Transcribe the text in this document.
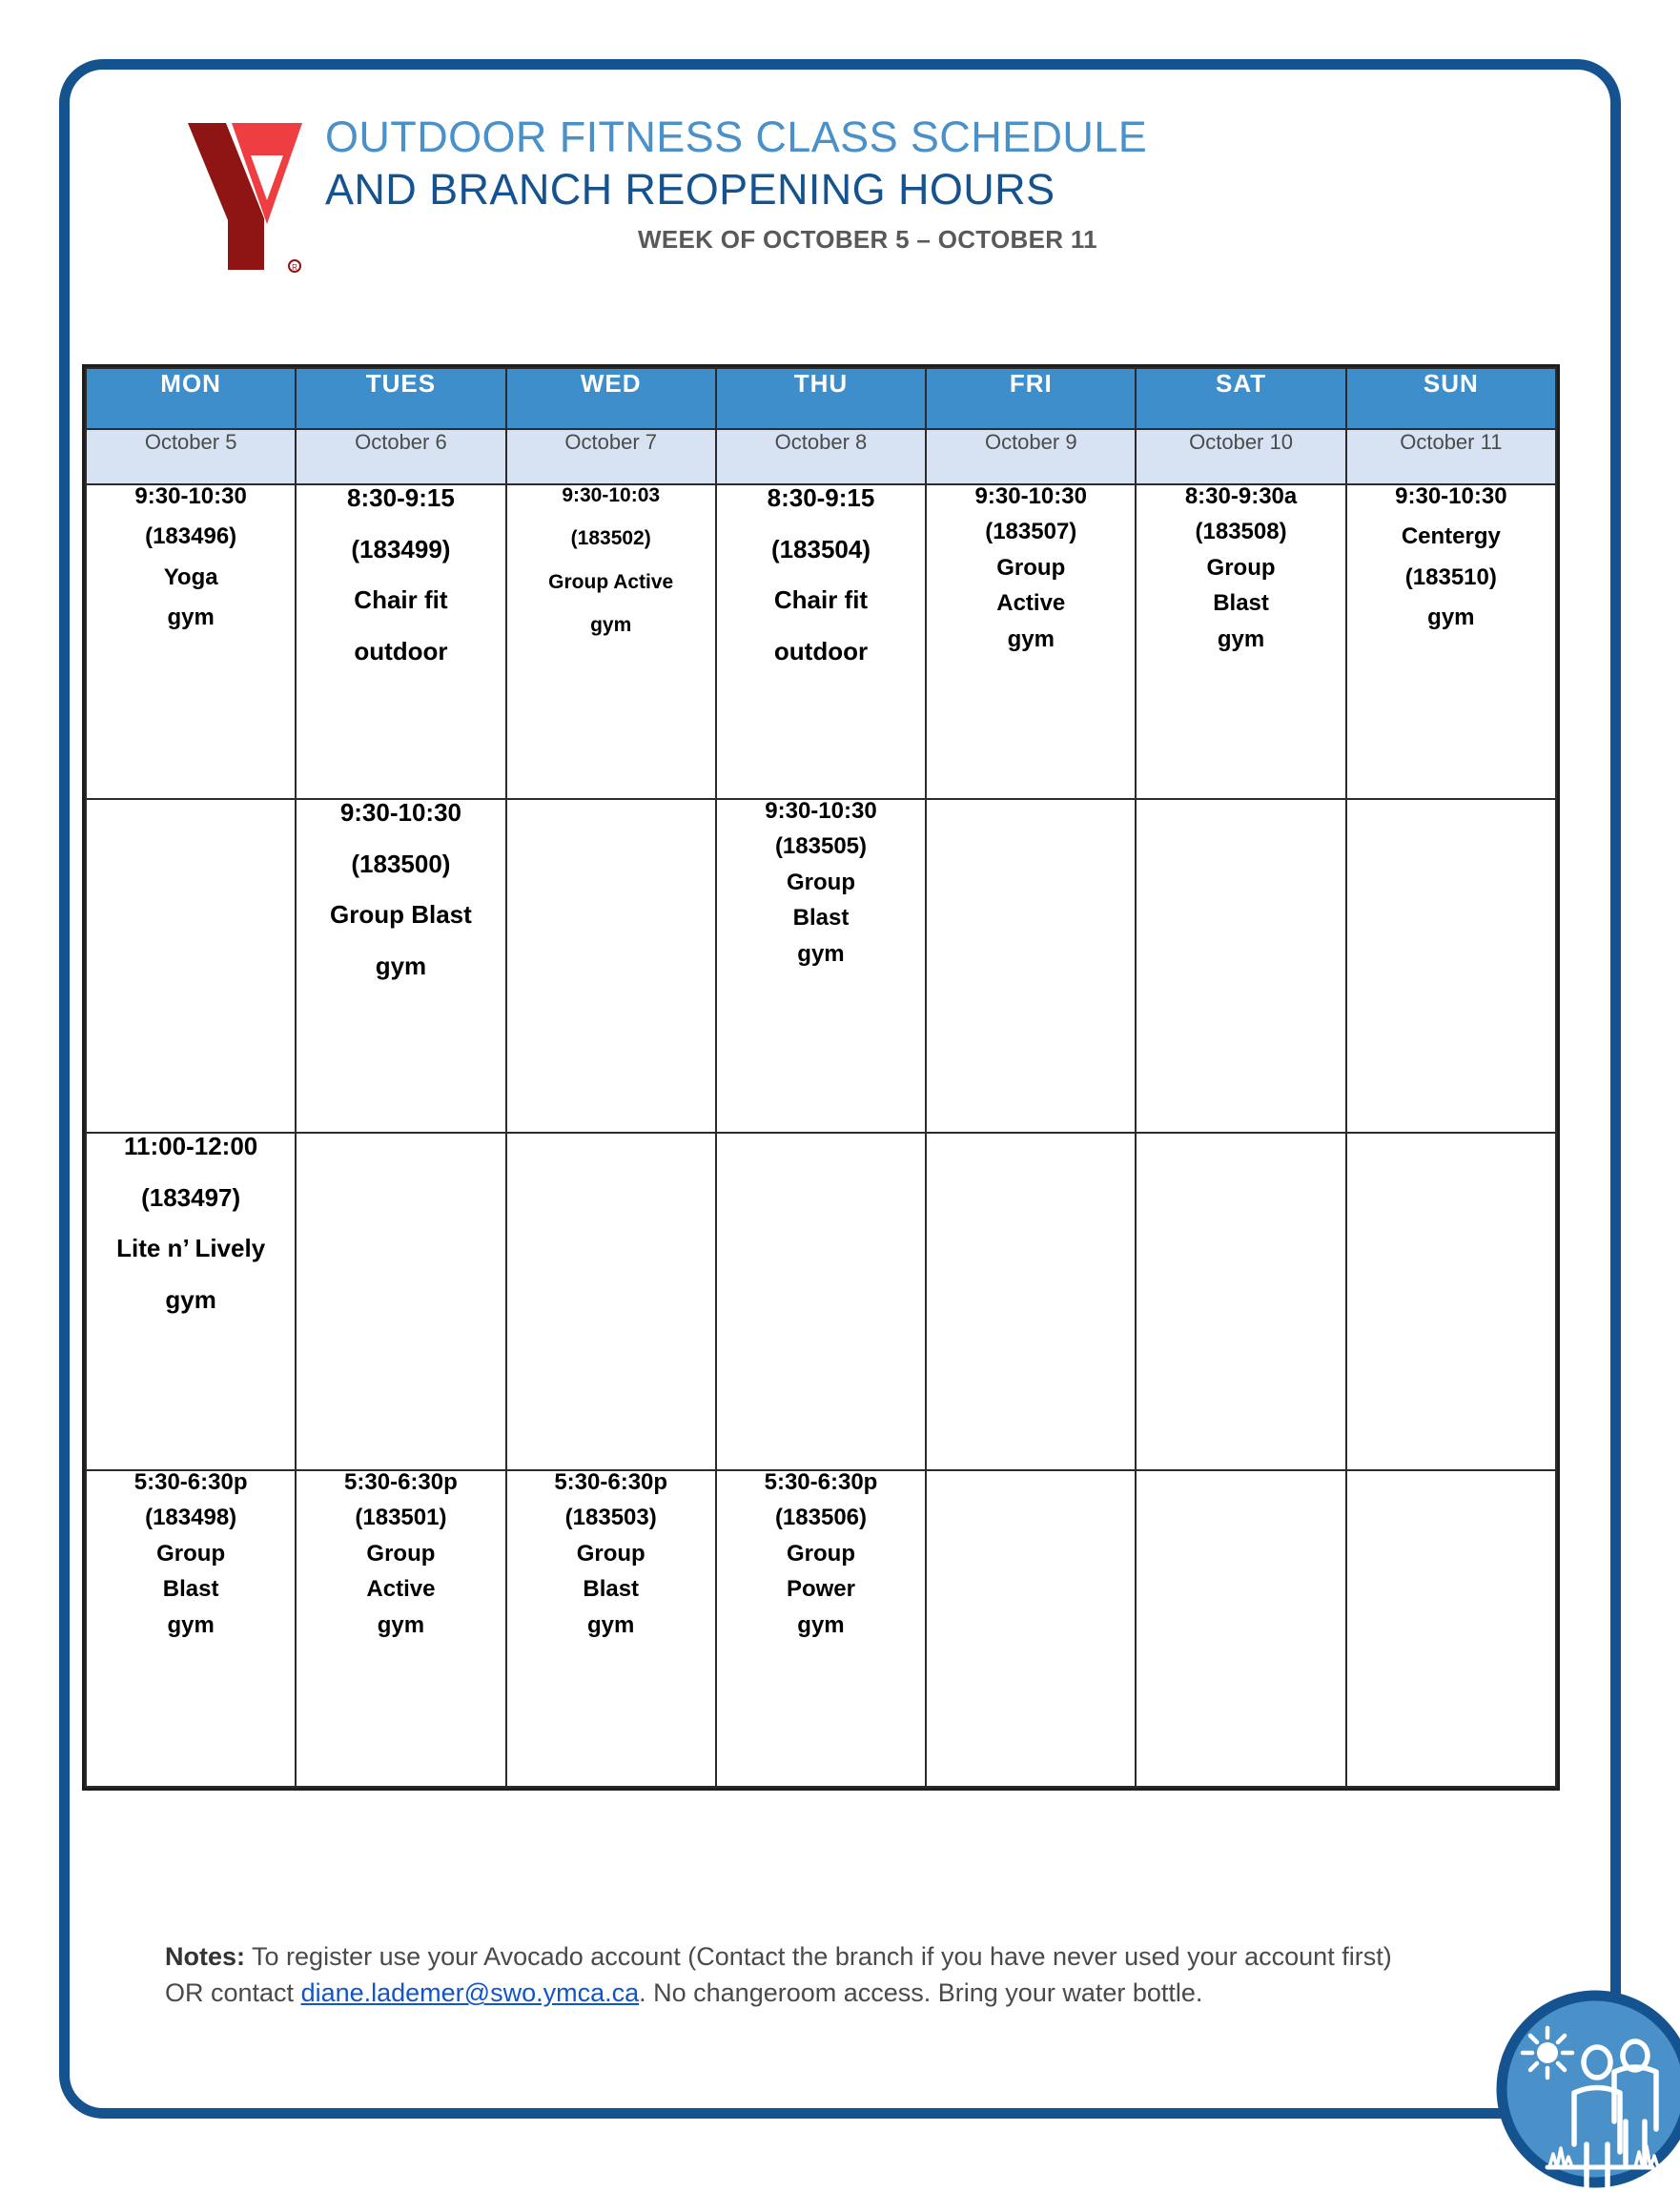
R
OUTDOOR FITNESS CLASS SCHEDULE
AND BRANCH REOPENING HOURS
WEEK OF OCTOBER 5 – OCTOBER 11
MON	TUES	WED	THU	FRI	SAT	SUN
October 5	October 6	October 7	October 8	October 9	October 10	October 11

9:30-10:30
(183496)
Yoga
gym	8:30-9:15
(183499)
Chair fit
outdoor	9:30-10:03
(183502)
Group Active
gym	8:30-9:15
(183504)
Chair fit
outdoor	9:30-10:30
(183507)
Group
Active
gym	8:30-9:30a
(183508)
Group
Blast
gym	9:30-10:30
Centergy
(183510)
gym

	9:30-10:30
(183500)
Group Blast
gym		9:30-10:30
(183505)
Group
Blast
gym			

11:00-12:00
(183497)
Lite n’ Lively
gym						

5:30-6:30p
(183498)
Group
Blast
gym	5:30-6:30p
(183501)
Group
Active
gym	5:30-6:30p
(183503)
Group
Blast
gym	5:30-6:30p
(183506)
Group
Power
gym			

Notes: To register use your Avocado account (Contact the branch if you have never used your account first) OR contact diane.lademer@swo.ymca.ca. No changeroom access. Bring your water bottle.
